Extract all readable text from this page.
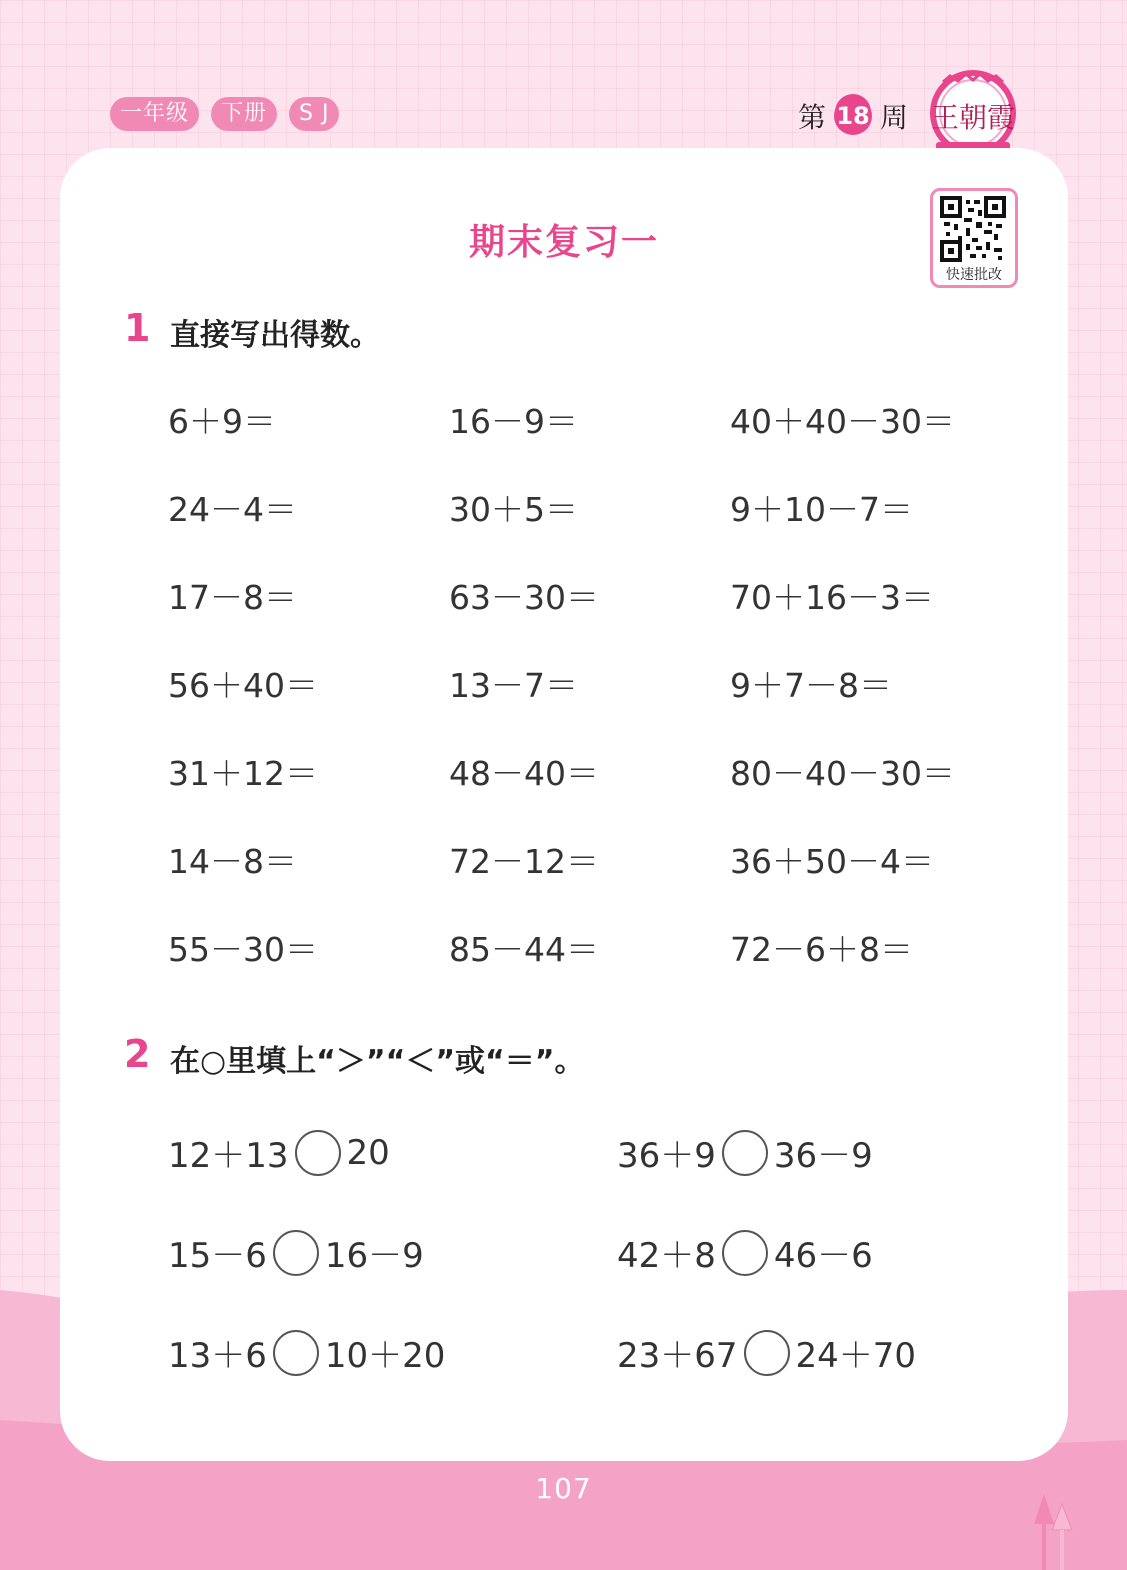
一年级	下册	S J	第 18 周 王朝霞
期末复习一
快速批改
1 直接写出得数。
6＋9＝	16－9＝	40＋40－30＝
24－4＝	30＋5＝	9＋10－7＝
17－8＝	63－30＝	70＋16－3＝
56＋40＝	13－7＝	9＋7－8＝
31＋12＝	48－40＝	80－40－30＝
14－8＝	72－12＝	36＋50－4＝
55－30＝	85－44＝	72－6＋8＝
2 在○里填上“＞”“＜”或“＝”。
12＋13 20	36＋9 36－9
15－6 16－9	42＋8 46－6
13＋6 10＋20	23＋67 24＋70
107
